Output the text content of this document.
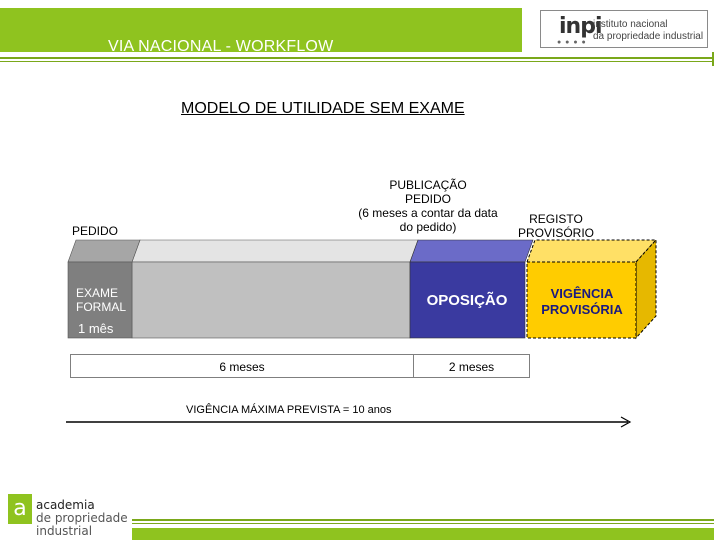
VIA NACIONAL - WORKFLOW
inpi
● ● ● ●
instituto nacional
da propriedade industrial
MODELO DE UTILIDADE SEM EXAME
PUBLICAÇÃO
PEDIDO
(6 meses a contar da data
do pedido)
REGISTO
PROVISÓRIO
PEDIDO
EXAME
FORMAL	OPOSIÇÃO	VIGÊNCIA
PROVISÓRIA
1 mês
6 meses	2 meses
VIGÊNCIA MÁXIMA PREVISTA = 10 anos
a academia
de propriedade
industrial
